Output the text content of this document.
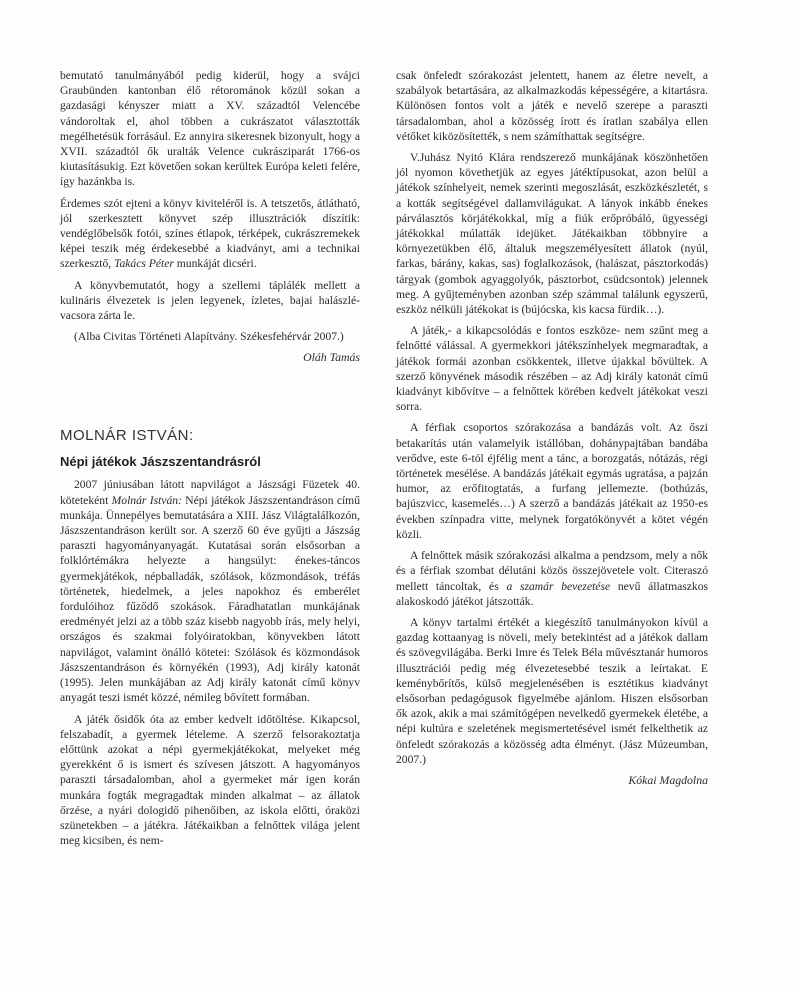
bemutató tanulmányából pedig kiderül, hogy a svájci Graubünden kantonban élő rétorománok közül sokan a gazdasági kényszer miatt a XV. századtól Velencébe vándoroltak el, ahol többen a cukrászatot választották megélhetésük forrásául. Ez annyira sikeresnek bizonyult, hogy a XVII. századtól ők uralták Velence cukrásziparát 1766-os kiutasításukig. Ezt követően sokan kerültek Európa keleti felére, így hazánkba is.

Érdemes szót ejteni a könyv kiviteléről is. A tetszetős, átlátható, jól szerkesztett könyvet szép illusztrációk díszítik: vendéglőbelsők fotói, színes étlapok, térképek, cukrászremekek képei teszik még érdekesebbé a kiadványt, ami a technikai szerkesztő, Takács Péter munkáját dicséri.

A könyvbemutatót, hogy a szellemi táplálék mellett a kulináris élvezetek is jelen legyenek, ízletes, bajai halászlé-vacsora zárta le.

(Alba Civitas Történeti Alapítvány. Székesfehérvár 2007.)

Oláh Tamás
MOLNÁR ISTVÁN:
Népi játékok Jászszentandrásról

2007 júniusában látott napvilágot a Jászsági Füzetek 40. köteteként Molnár István: Népi játékok Jászszentandráson című munkája. Ünnepélyes bemutatására a XIII. Jász Világtalálkozón, Jászszentandráson került sor. A szerző 60 éve gyűjti a Jászság paraszti hagyományanyagát. Kutatásai során elsősorban a folklórtémákra helyezte a hangsúlyt: énekes-táncos gyermekjátékok, népballadák, szólások, közmondások, tréfás történetek, hiedelmek, a jeles napokhoz és emberélet fordulóihoz fűződő szokások. Fáradhatatlan munkájának eredményét jelzi az a több száz kisebb nagyobb írás, mely helyi, országos és szakmai folyóiratokban, könyvekben látott napvilágot, valamint önálló kötetei: Szólások és közmondások Jászszentandráson és környékén (1993), Adj király katonát (1995). Jelen munkájában az Adj király katonát című könyv anyagát teszi ismét közzé, némileg bővített formában.

A játék ősidők óta az ember kedvelt időtöltése. Kikapcsol, felszabadít, a gyermek lételeme. A szerző felsorakoztatja előttünk azokat a népi gyermekjátékokat, melyeket még gyerekként ő is ismert és szívesen játszott. A hagyományos paraszti társadalomban, ahol a gyermeket már igen korán munkára fogták megragadtak minden alkalmat – az állatok őrzése, a nyári dologidő pihenőiben, az iskola előtti, óraközi szünetekben – a játékra. Játékaikban a felnőttek világa jelent meg kicsiben, és nem-

csak önfeledt szórakozást jelentett, hanem az életre nevelt, a szabályok betartására, az alkalmazkodás képességére, a kitartásra. Különösen fontos volt a játék e nevelő szerepe a paraszti társadalomban, ahol a közösség írott és íratlan szabálya ellen vétőket kiközösítették, s nem számíthattak segítségre.

V.Juhász Nyitó Klára rendszerező munkájának köszönhetően jól nyomon követhetjük az egyes játéktípusokat, azon belül a játékok színhelyeit, nemek szerinti megoszlását, eszközkészletét, s a kották segítségével dallamvilágukat. A lányok inkább énekes párválasztós körjátékokkal, míg a fiúk erőpróbáló, ügyességi játékokkal múlatták idejüket. Játékaikban többnyire a környezetükben élő, általuk megszemélyesített állatok (nyúl, farkas, bárány, kakas, sas) foglalkozások, (halászat, pásztorkodás) tárgyak (gombok agyaggolyók, pásztorbot, csüdcsontok) jelennek meg. A gyűjteményben azonban szép számmal találunk egyszerű, eszköz nélküli játékokat is (bújócska, kis kacsa fürdik…).

A játék,- a kikapcsolódás e fontos eszköze- nem szűnt meg a felnőtté válással. A gyermekkori játékszínhelyek megmaradtak, a játékok formái azonban csökkentek, illetve újakkal bővültek. A szerző könyvének második részében – az Adj király katonát című kiadványt kibővítve – a felnőttek körében kedvelt játékokat veszi sorra.

A férfiak csoportos szórakozása a bandázás volt. Az őszi betakarítás után valamelyik istállóban, dohánypajtában bandába verődve, este 6-tól éjfélig ment a tánc, a borozgatás, nótázás, régi történetek mesélése. A bandázás játékait egymás ugratása, a pajzán humor, az erőfitogtatás, a furfang jellemezte. (bothúzás, bajúszvicc, kasemelés…) A szerző a bandázás játékait az 1950-es években színpadra vitte, melynek forgatókönyvét a kötet végén közli.

A felnőttek másik szórakozási alkalma a pendzsom, mely a nők és a férfiak szombat délutáni közös összejövetele volt. Citeraszó mellett táncoltak, és a szamár bevezetése nevű állatmaszkos alakoskodó játékot játszották.

A könyv tartalmi értékét a kiegészítő tanulmányokon kívül a gazdag kottaanyag is növeli, mely betekintést ad a játékok dallam és szövegvilágába. Berki Imre és Telek Béla művésztanár humoros illusztrációi pedig még élvezetesebbé teszik a leírtakat. E keménybőrítős, külső megjelenésében is esztétikus kiadványt elsősorban pedagógusok figyelmébe ajánlom. Hiszen elsősorban ők azok, akik a mai számítógépen nevelkedő gyermekek életébe, a népi kultúra e szeletének megismertetésével ismét felkelthetik az önfeledt szórakozás a közösség adta élményt. (Jász Múzeumban, 2007.)

Kókai Magdolna
